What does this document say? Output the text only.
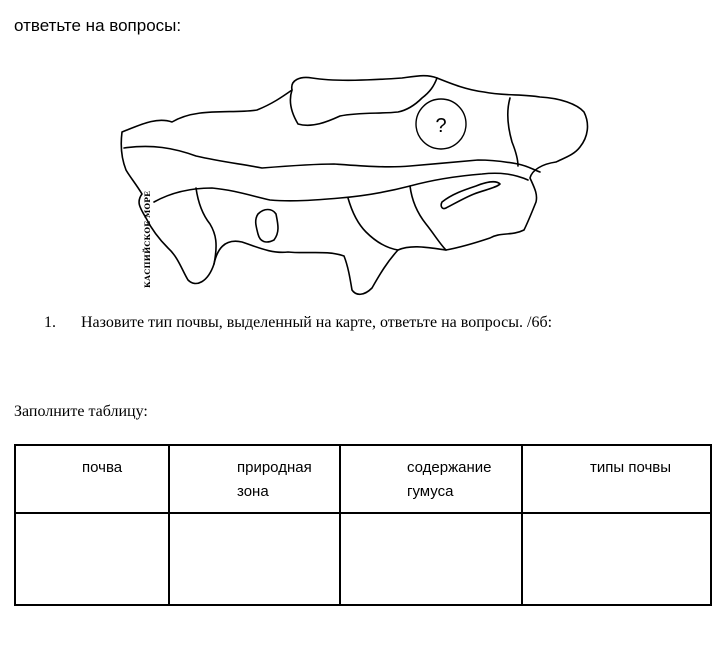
ответьте на вопросы:
?
КАСПИЙСКОЕ МОРЕ
1. Назовите тип почвы, выделенный на карте, ответьте на вопросы. /6б:
Заполните таблицу:
почва	природная зона	содержание гумуса	типы почвы
